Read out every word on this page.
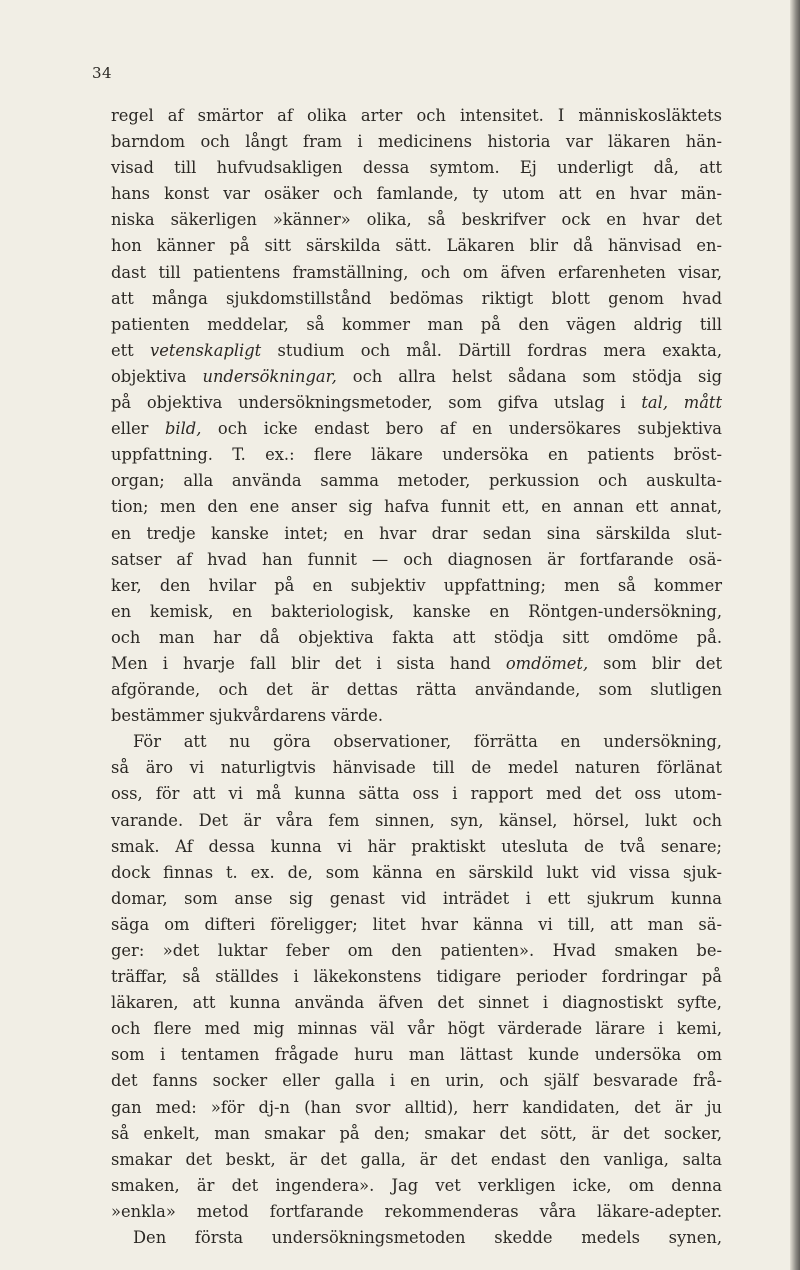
34
regel af smärtor af olika arter och intensitet. I människosläktets
barndom och långt fram i medicinens historia var läkaren hän-
visad till hufvudsakligen dessa symtom. Ej underligt då, att
hans konst var osäker och famlande, ty utom att en hvar män-
niska säkerligen »känner» olika, så beskrifver ock en hvar det
hon känner på sitt särskilda sätt. Läkaren blir då hänvisad en-
dast till patientens framställning, och om äfven erfarenheten visar,
att många sjukdomstillstånd bedömas riktigt blott genom hvad
patienten meddelar, så kommer man på den vägen aldrig till
ett vetenskapligt studium och mål. Därtill fordras mera exakta,
objektiva undersökningar, och allra helst sådana som stödja sig
på objektiva undersökningsmetoder, som gifva utslag i tal, mått
eller bild, och icke endast bero af en undersökares subjektiva
uppfattning. T. ex.: flere läkare undersöka en patients bröst-
organ; alla använda samma metoder, perkussion och auskulta-
tion; men den ene anser sig hafva funnit ett, en annan ett annat,
en tredje kanske intet; en hvar drar sedan sina särskilda slut-
satser af hvad han funnit — och diagnosen är fortfarande osä-
ker, den hvilar på en subjektiv uppfattning; men så kommer
en kemisk, en bakteriologisk, kanske en Röntgen-undersökning,
och man har då objektiva fakta att stödja sitt omdöme på.
Men i hvarje fall blir det i sista hand omdömet, som blir det
afgörande, och det är dettas rätta användande, som slutligen
bestämmer sjukvårdarens värde.
För att nu göra observationer, förrätta en undersökning,
så äro vi naturligtvis hänvisade till de medel naturen förlänat
oss, för att vi må kunna sätta oss i rapport med det oss utom-
varande. Det är våra fem sinnen, syn, känsel, hörsel, lukt och
smak. Af dessa kunna vi här praktiskt utesluta de två senare;
dock finnas t. ex. de, som känna en särskild lukt vid vissa sjuk-
domar, som anse sig genast vid inträdet i ett sjukrum kunna
säga om difteri föreligger; litet hvar känna vi till, att man sä-
ger: »det luktar feber om den patienten». Hvad smaken be-
träffar, så ställdes i läkekonstens tidigare perioder fordringar på
läkaren, att kunna använda äfven det sinnet i diagnostiskt syfte,
och flere med mig minnas väl vår högt värderade lärare i kemi,
som i tentamen frågade huru man lättast kunde undersöka om
det fanns socker eller galla i en urin, och själf besvarade frå-
gan med: »för dj-n (han svor alltid), herr kandidaten, det är ju
så enkelt, man smakar på den; smakar det sött, är det socker,
smakar det beskt, är det galla, är det endast den vanliga, salta
smaken, är det ingendera». Jag vet verkligen icke, om denna
»enkla» metod fortfarande rekommenderas våra läkare-adepter.
Den första undersökningsmetoden skedde medels synen,
